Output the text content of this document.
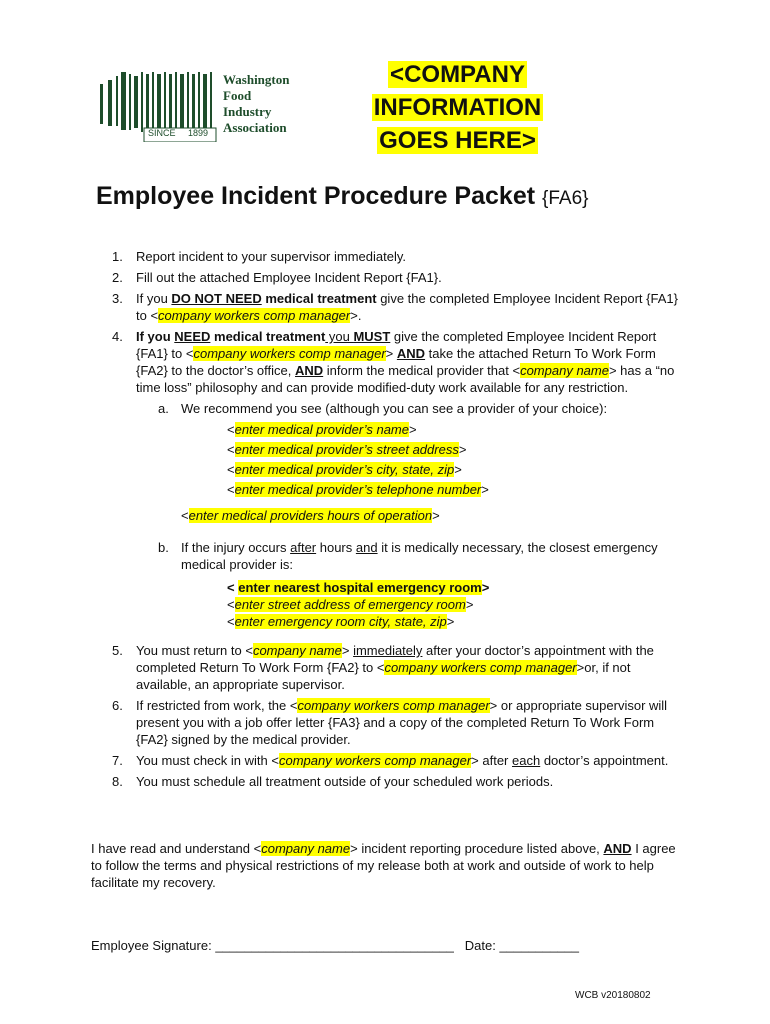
SINCE 1899
Washington
Food
Industry
Association
<COMPANY
INFORMATION
GOES HERE>
Employee Incident Procedure Packet {FA6}
1. Report incident to your supervisor immediately.
2. Fill out the attached Employee Incident Report {FA1}.
3. If you DO NOT NEED medical treatment give the completed Employee Incident Report {FA1} to <company workers comp manager>.
4. If you NEED medical treatment you MUST give the completed Employee Incident Report {FA1} to <company workers comp manager> AND take the attached Return To Work Form {FA2} to the doctor’s office, AND inform the medical provider that <company name> has a “no time loss” philosophy and can provide modified-duty work available for any restriction.
a. We recommend you see (although you can see a provider of your choice):
<enter medical provider’s name>
<enter medical provider’s street address>
<enter medical provider’s city, state, zip>
<enter medical provider’s telephone number>
<enter medical providers hours of operation>
b. If the injury occurs after hours and it is medically necessary, the closest emergency medical provider is:
< enter nearest hospital emergency room>
<enter street address of emergency room>
<enter emergency room city, state, zip>
5. You must return to <company name> immediately after your doctor’s appointment with the completed Return To Work Form {FA2} to <company workers comp manager>or, if not available, an appropriate supervisor.
6. If restricted from work, the <company workers comp manager> or appropriate supervisor will present you with a job offer letter {FA3} and a copy of the completed Return To Work Form {FA2} signed by the medical provider.
7. You must check in with <company workers comp manager> after each doctor’s appointment.
8. You must schedule all treatment outside of your scheduled work periods.
I have read and understand <company name> incident reporting procedure listed above, AND I agree to follow the terms and physical restrictions of my release both at work and outside of work to help facilitate my recovery.
Employee Signature: _________________________________ Date: ___________
WCB v20180802
